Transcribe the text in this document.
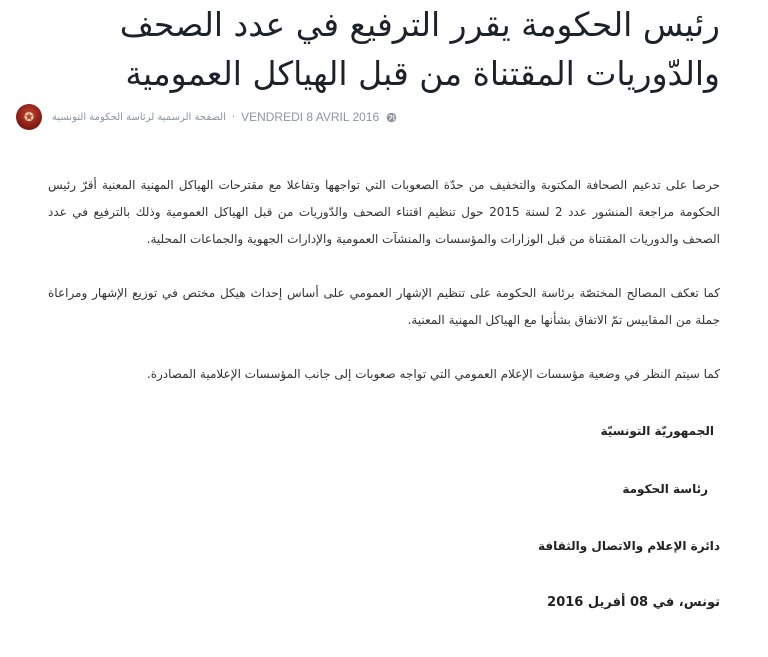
رئيس الحكومة يقرر الترفيع في عدد الصحف والدّوريات المقتناة من قبل الهياكل العمومية
✪ الصفحة الرسمية لرئاسة الحكومة التونسية · VENDREDI 8 AVRIL 2016

حرصا على تدعيم الصحافة المكتوبة والتخفيف من حدّة الصعوبات التي تواجهها وتفاعلا مع مقترحات الهياكل المهنية المعنية أقرّ رئيس الحكومة مراجعة المنشور عدد 2 لسنة 2015 حول تنظيم اقتناء الصحف والدّوريات من قبل الهياكل العمومية وذلك بالترفيع في عدد الصحف والدوريات المقتناة من قبل الوزارات والمؤسسات والمنشآت العمومية والإدارات الجهوية والجماعات المحلية.

كما تعكف المصالح المختصّة برئاسة الحكومة على تنظيم الإشهار العمومي على أساس إحداث هيكل مختص في توزيع الإشهار ومراعاة جملة من المقاييس تمّ الاتفاق بشأنها مع الهياكل المهنية المعنية.

كما سيتم النظر في وضعية مؤسسات الإعلام العمومي التي تواجه صعوبات إلى جانب المؤسسات الإعلامية المصادرة.

الجمهوريّة التونسيّة
رئاسة الحكومة
دائرة الإعلام والاتصال والثقافة
تونس، في 08 أفريل 2016
